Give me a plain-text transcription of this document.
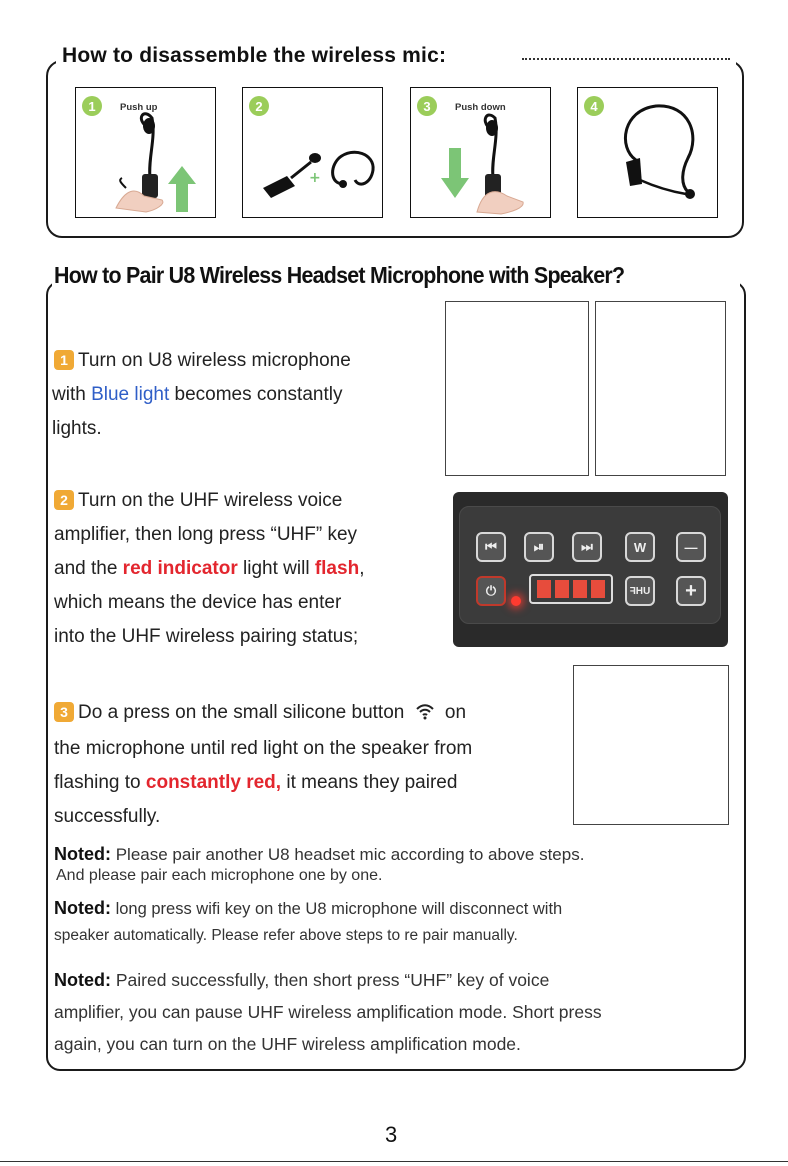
How to disassemble the wireless mic:
1	Push up
+
2	3	Push down	4
How to Pair U8 Wireless Headset Microphone with Speaker?
1 Turn on U8 wireless microphone
with Blue light becomes constantly
lights.
2 Turn on the UHF wireless voice
amplifier, then long press “UHF” key
and the red indicator light will flash,
which means the device has enter
into the UHF wireless pairing status;
⏮	⏯	⏭	W	—
⏻	UHF	+
3 Do a press on the small silicone button  on
the microphone until red light on the speaker from
flashing to constantly red, it means they paired
successfully.
Noted: Please pair another U8 headset mic according to above steps.
And please pair each microphone one by one.
Noted: long press wifi key on the U8 microphone will disconnect with
speaker automatically. Please refer above steps to re pair manually.
Noted: Paired successfully, then short press “UHF” key of voice
amplifier, you can pause UHF wireless amplification mode. Short press
again, you can turn on the UHF wireless amplification mode.
3
